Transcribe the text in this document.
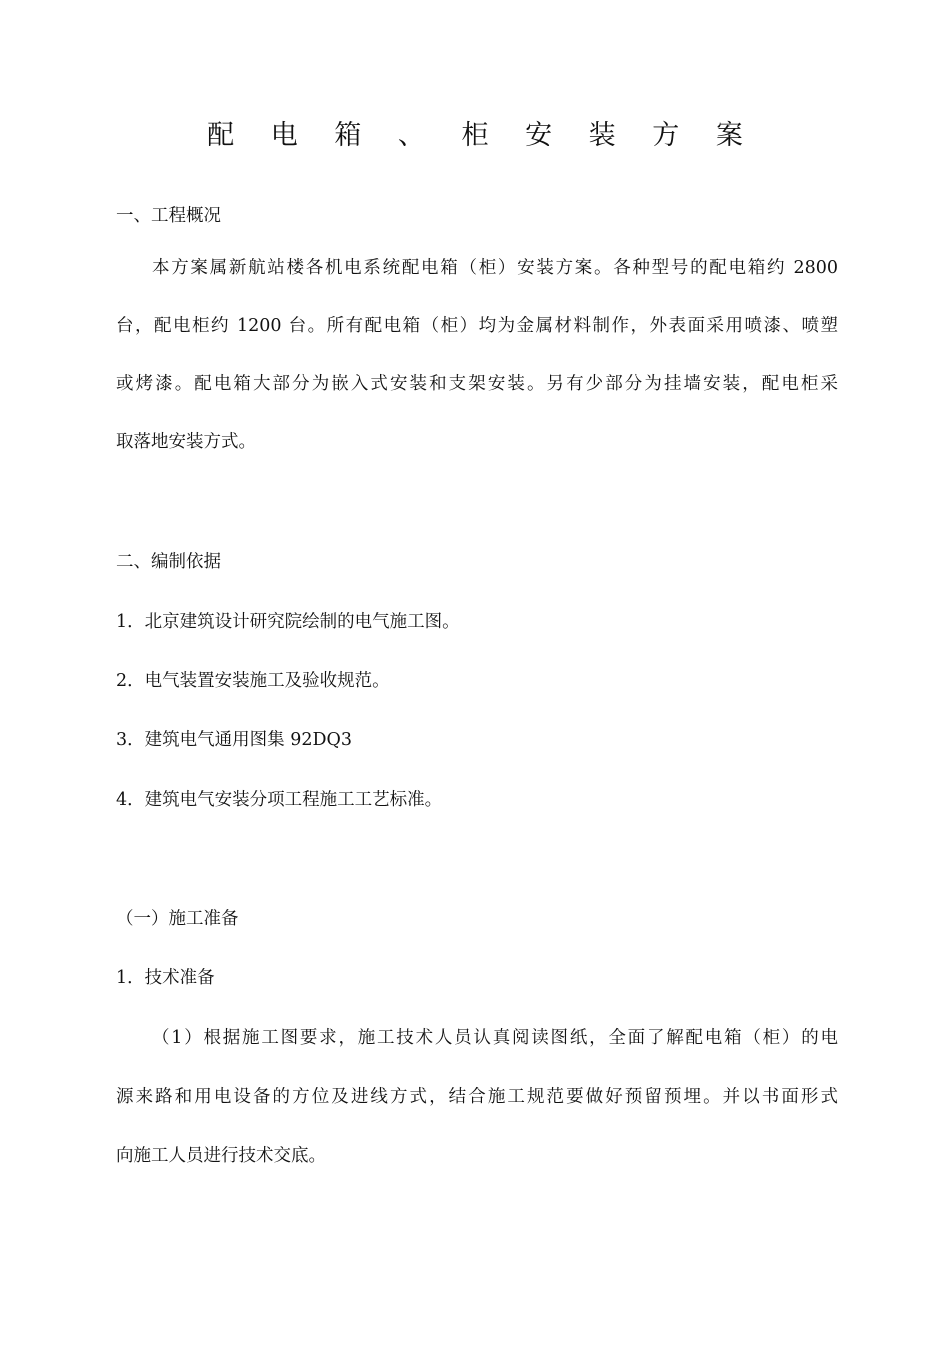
配 电 箱 、 柜 安 装 方 案
一、工程概况
本方案属新航站楼各机电系统配电箱（柜）安装方案。各种型号的配电箱约 2800
台，配电柜约 1200 台。所有配电箱（柜）均为金属材料制作，外表面采用喷漆、喷塑
或烤漆。配电箱大部分为嵌入式安装和支架安装。另有少部分为挂墙安装，配电柜采
取落地安装方式。
二、编制依据
1．北京建筑设计研究院绘制的电气施工图。
2．电气装置安装施工及验收规范。
3．建筑电气通用图集 92DQ3
4．建筑电气安装分项工程施工工艺标准。
（一）施工准备
1．技术准备
（1）根据施工图要求，施工技术人员认真阅读图纸，全面了解配电箱（柜）的电
源来路和用电设备的方位及进线方式，结合施工规范要做好预留预埋。并以书面形式
向施工人员进行技术交底。
